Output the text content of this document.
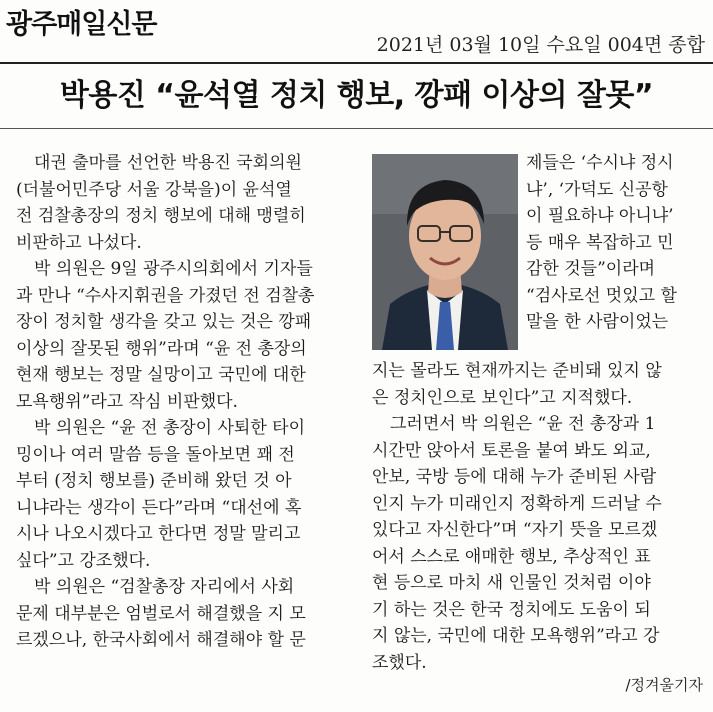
광주매일신문
2021년 03월 10일 수요일 004면 종합
박용진 “윤석열 정치 행보, 깡패 이상의 잘못”
대권 출마를 선언한 박용진 국회의원
(더불어민주당 서울 강북을)이 윤석열
전 검찰총장의 정치 행보에 대해 맹렬히
비판하고 나섰다.
박 의원은 9일 광주시의회에서 기자들
과 만나 “수사지휘권을 가졌던 전 검찰총
장이 정치할 생각을 갖고 있는 것은 깡패
이상의 잘못된 행위”라며 “윤 전 총장의
현재 행보는 정말 실망이고 국민에 대한
모욕행위”라고 작심 비판했다.
박 의원은 “윤 전 총장이 사퇴한 타이
밍이나 여러 말씀 등을 돌아보면 꽤 전
부터 (정치 행보를) 준비해 왔던 것 아
니냐라는 생각이 든다”라며 “대선에 혹
시나 나오시겠다고 한다면 정말 말리고
싶다”고 강조했다.
박 의원은 “검찰총장 자리에서 사회
문제 대부분은 엄벌로서 해결했을 지 모
르겠으나, 한국사회에서 해결해야 할 문
제들은 ‘수시냐 정시
냐’, ‘가덕도 신공항
이 필요하냐 아니냐’
등 매우 복잡하고 민
감한 것들”이라며
“검사로선 멋있고 할
말을 한 사람이었는
지는 몰라도 현재까지는 준비돼 있지 않
은 정치인으로 보인다”고 지적했다.
그러면서 박 의원은 “윤 전 총장과 1
시간만 앉아서 토론을 붙여 봐도 외교,
안보, 국방 등에 대해 누가 준비된 사람
인지 누가 미래인지 정확하게 드러날 수
있다고 자신한다”며 “자기 뜻을 모르겠
어서 스스로 애매한 행보, 추상적인 표
현 등으로 마치 새 인물인 것처럼 이야
기 하는 것은 한국 정치에도 도움이 되
지 않는, 국민에 대한 모욕행위”라고 강
조했다.
/정겨울기자
